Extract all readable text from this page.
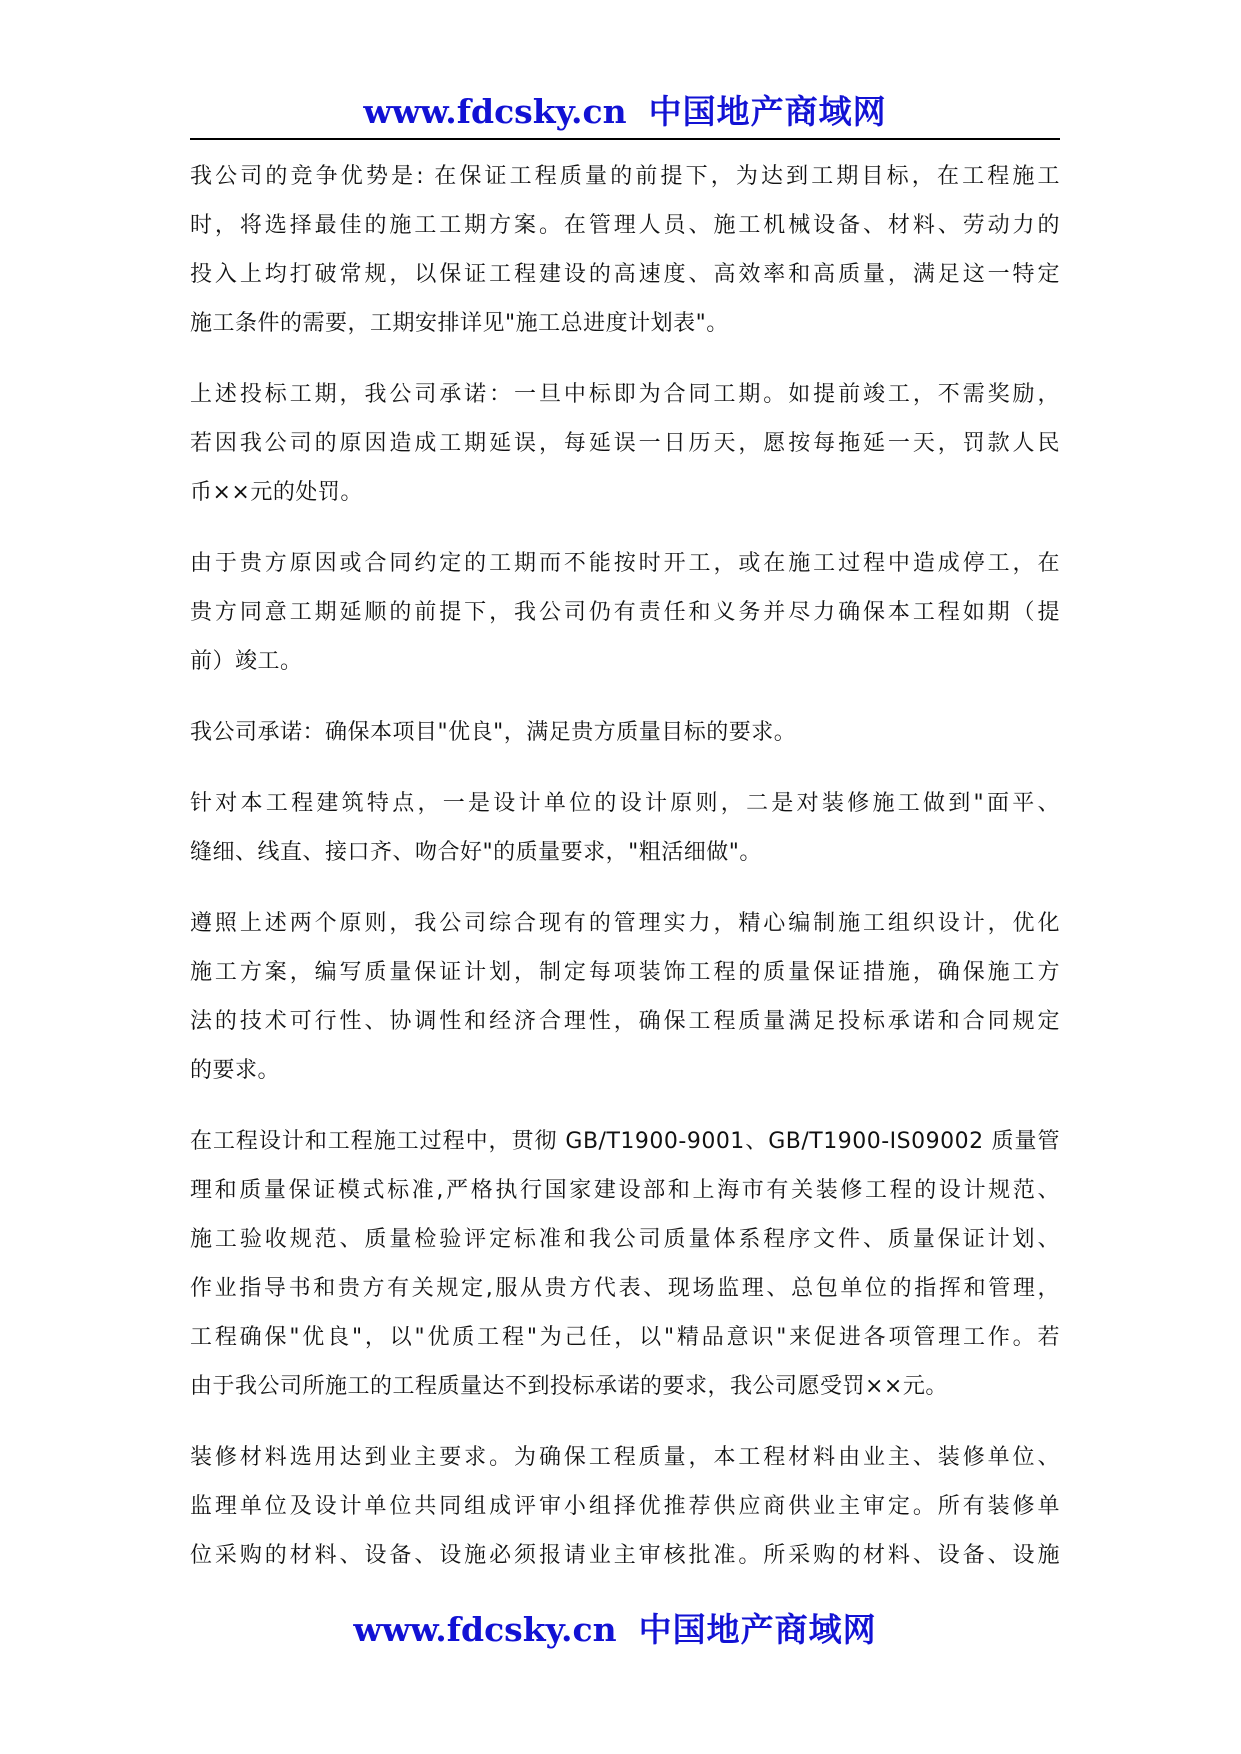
www.fdcsky.cn 中国地产商域网
我公司的竞争优势是: 在保证工程质量的前提下，为达到工期目标，在工程施工
时，将选择最佳的施工工期方案。在管理人员、施工机械设备、材料、劳动力的
投入上均打破常规，以保证工程建设的高速度、高效率和高质量，满足这一特定
施工条件的需要，工期安排详见"施工总进度计划表"。
上述投标工期，我公司承诺：一旦中标即为合同工期。如提前竣工，不需奖励，
若因我公司的原因造成工期延误，每延误一日历天，愿按每拖延一天，罚款人民
币××元的处罚。
由于贵方原因或合同约定的工期而不能按时开工，或在施工过程中造成停工，在
贵方同意工期延顺的前提下，我公司仍有责任和义务并尽力确保本工程如期（提
前）竣工。
我公司承诺：确保本项目"优良"，满足贵方质量目标的要求。
针对本工程建筑特点，一是设计单位的设计原则，二是对装修施工做到"面平、
缝细、线直、接口齐、吻合好"的质量要求，"粗活细做"。
遵照上述两个原则，我公司综合现有的管理实力，精心编制施工组织设计，优化
施工方案，编写质量保证计划，制定每项装饰工程的质量保证措施，确保施工方
法的技术可行性、协调性和经济合理性，确保工程质量满足投标承诺和合同规定
的要求。
在工程设计和工程施工过程中，贯彻 GB/T1900-9001、GB/T1900-IS09002 质量管
理和质量保证模式标准,严格执行国家建设部和上海市有关装修工程的设计规范、
施工验收规范、质量检验评定标准和我公司质量体系程序文件、质量保证计划、
作业指导书和贵方有关规定,服从贵方代表、现场监理、总包单位的指挥和管理，
工程确保"优良"，以"优质工程"为己任，以"精品意识"来促进各项管理工作。若
由于我公司所施工的工程质量达不到投标承诺的要求，我公司愿受罚××元。
装修材料选用达到业主要求。为确保工程质量，本工程材料由业主、装修单位、
监理单位及设计单位共同组成评审小组择优推荐供应商供业主审定。所有装修单
位采购的材料、设备、设施必须报请业主审核批准。所采购的材料、设备、设施
www.fdcsky.cn 中国地产商域网
